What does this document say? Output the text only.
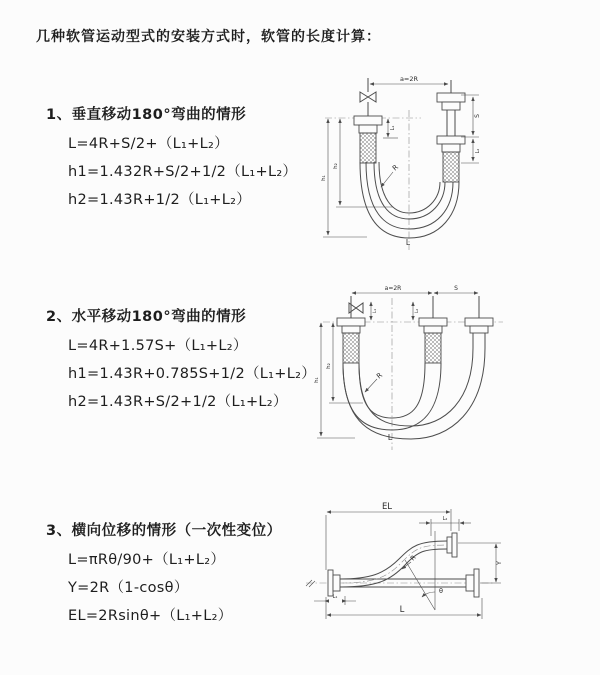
几种软管运动型式的安装方式时，软管的长度计算：
1、垂直移动180°弯曲的情形

L=4R+S/2+（L₁+L₂）

h1=1.432R+S/2+1/2（L₁+L₂）

h2=1.43R+1/2（L₁+L₂）

2、水平移动180°弯曲的情形

L=4R+1.57S+（L₁+L₂）

h1=1.43R+0.785S+1/2（L₁+L₂）

h2=1.43R+S/2+1/2（L₁+L₂）

3、横向位移的情形（一次性变位）

L=πRθ/90+（L₁+L₂）

Y=2R（1-cosθ）

EL=2Rsinθ+（L₁+L₂）

a=2R
h₁
h₂
L₁
S
L₂
R
L
a=2R	S
h₁
h₂
L₁	L₂
R
L
θ
EL
L₂
Y
R
L₁
L
